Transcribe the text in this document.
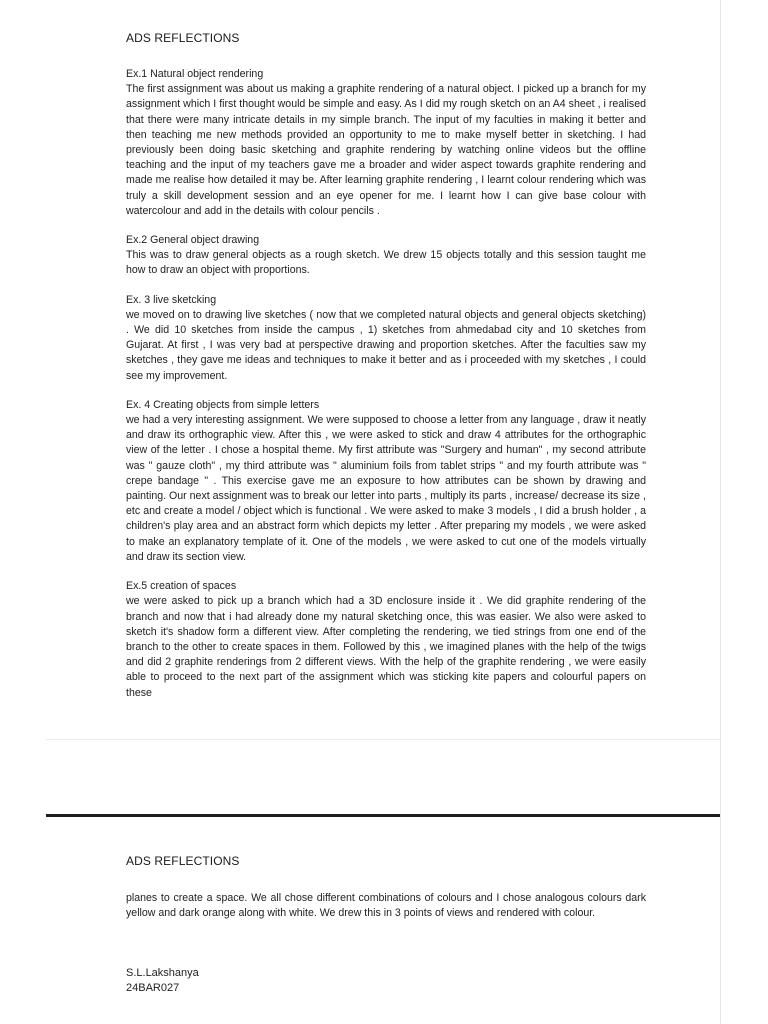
ADS REFLECTIONS
Ex.1 Natural object rendering
The first assignment was about us making a graphite rendering of a natural object. I picked up a branch for my assignment which I first thought would be simple and easy. As I did my rough sketch on an A4 sheet , i realised that there were many intricate details in my simple branch. The input of my faculties in making it better and then teaching me new methods provided an opportunity to me to make myself better in sketching. I had previously been doing basic sketching and graphite rendering by watching online videos but the offline teaching and the input of my teachers gave me a broader and wider aspect towards graphite rendering and made me realise how detailed it may be. After learning graphite rendering , I learnt colour rendering which was truly a skill development session and an eye opener for me. I learnt how I can give base colour with watercolour and add in the details with colour pencils .
Ex.2 General object drawing
This was to draw general objects as a rough sketch. We drew 15 objects totally and this session taught me how to draw an object with proportions.
Ex. 3 live sketcking
we moved on to drawing live sketches ( now that we completed natural objects and general objects sketching) . We did 10 sketches from inside the campus , 1) sketches from ahmedabad city and 10 sketches from Gujarat. At first , I was very bad at perspective drawing and proportion sketches. After the faculties saw my sketches , they gave me ideas and techniques to make it better and as i proceeded with my sketches , I could see my improvement.
Ex. 4 Creating objects from simple letters
we had a very interesting assignment. We were supposed to choose a letter from any language , draw it neatly and draw its orthographic view. After this , we were asked to stick and draw 4 attributes for the orthographic view of the letter . I chose a hospital theme. My first attribute was "Surgery and human" , my second attribute was " gauze cloth" , my third attribute was " aluminium foils from tablet strips " and my fourth attribute was " crepe bandage " . This exercise gave me an exposure to how attributes can be shown by drawing and painting. Our next assignment was to break our letter into parts , multiply its parts , increase/ decrease its size , etc and create a model / object which is functional . We were asked to make 3 models , I did a brush holder , a children's play area and an abstract form which depicts my letter . After preparing my models , we were asked to make an explanatory template of it. One of the models , we were asked to cut one of the models virtually and draw its section view.
Ex.5 creation of spaces
we were asked to pick up a branch which had a 3D enclosure inside it . We did graphite rendering of the branch and now that i had already done my natural sketching once, this was easier. We also were asked to sketch it's shadow form a different view. After completing the rendering, we tied strings from one end of the branch to the other to create spaces in them. Followed by this , we imagined planes with the help of the twigs and did 2 graphite renderings from 2 different views. With the help of the graphite rendering , we were easily able to proceed to the next part of the assignment which was sticking kite papers and colourful papers on these
ADS REFLECTIONS
planes to create a space. We all chose different combinations of colours and I chose analogous colours dark yellow and dark orange along with white. We drew this in 3 points of views and rendered with colour.
S.L.Lakshanya
24BAR027
